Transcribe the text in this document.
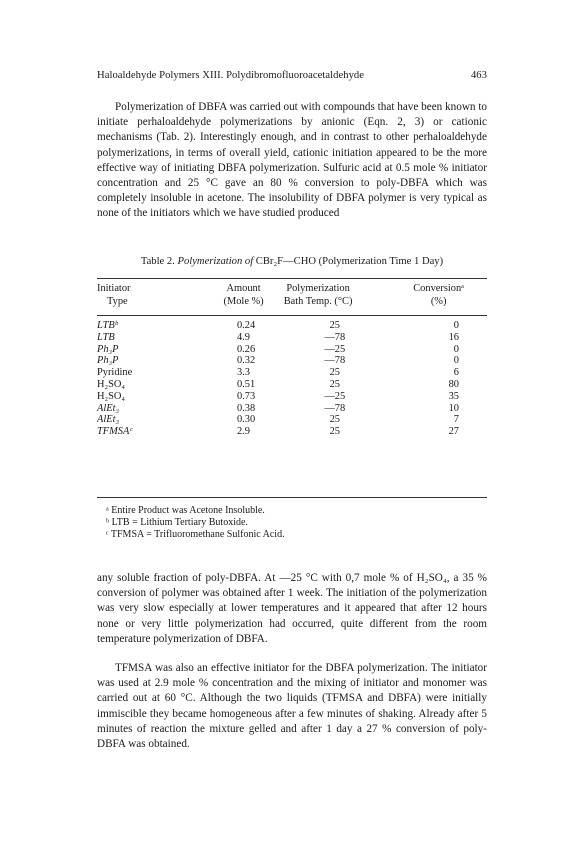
Haloaldehyde Polymers XIII. Polydibromofluoroacetaldehyde	463

Polymerization of DBFA was carried out with compounds that have been known to initiate perhaloaldehyde polymerizations by anionic (Eqn. 2, 3) or cationic mechanisms (Tab. 2). Interestingly enough, and in contrast to other perhaloaldehyde polymerizations, in terms of overall yield, cationic initiation appeared to be the more effective way of initiating DBFA polymerization. Sulfuric acid at 0.5 mole % initiator concentration and 25 °C gave an 80 % conversion to poly-DBFA which was completely insoluble in acetone. The insolubility of DBFA polymer is very typical as none of the initiators which we have studied produced

Table 2. Polymerization of CBr₂F—CHO (Polymerization Time 1 Day)
Initiator
Type

Amount
(Mole %)

Polymerization
Bath Temp. (°C)

Conversionᵃ
(%)
LTBᵇ	0.24	25	0
LTB	4.9	—78	16
Ph₃P	0.26	—25	0
Ph₃P	0.32	—78	0
Pyridine	3.3	25	6
H₂SO₄	0.51	25	80
H₂SO₄	0.73	—25	35
AlEt₃	0.38	—78	10
AlEt₃	0.30	25	7
TFMSAᶜ	2.9	25	27
ᵃ Entire Product was Acetone Insoluble.
ᵇ LTB = Lithium Tertiary Butoxide.
ᶜ TFMSA = Trifluoromethane Sulfonic Acid.

any soluble fraction of poly-DBFA. At —25 °C with 0,7 mole % of H₂SO₄, a 35 % conversion of polymer was obtained after 1 week. The initiation of the polymerization was very slow especially at lower temperatures and it appeared that after 12 hours none or very little polymerization had occurred, quite different from the room temperature polymerization of DBFA.

TFMSA was also an effective initiator for the DBFA polymerization. The initiator was used at 2.9 mole % concentration and the mixing of initiator and monomer was carried out at 60 °C. Although the two liquids (TFMSA and DBFA) were initially immiscible they became homogeneous after a few minutes of shaking. Already after 5 minutes of reaction the mixture gelled and after 1 day a 27 % conversion of poly-DBFA was obtained.
